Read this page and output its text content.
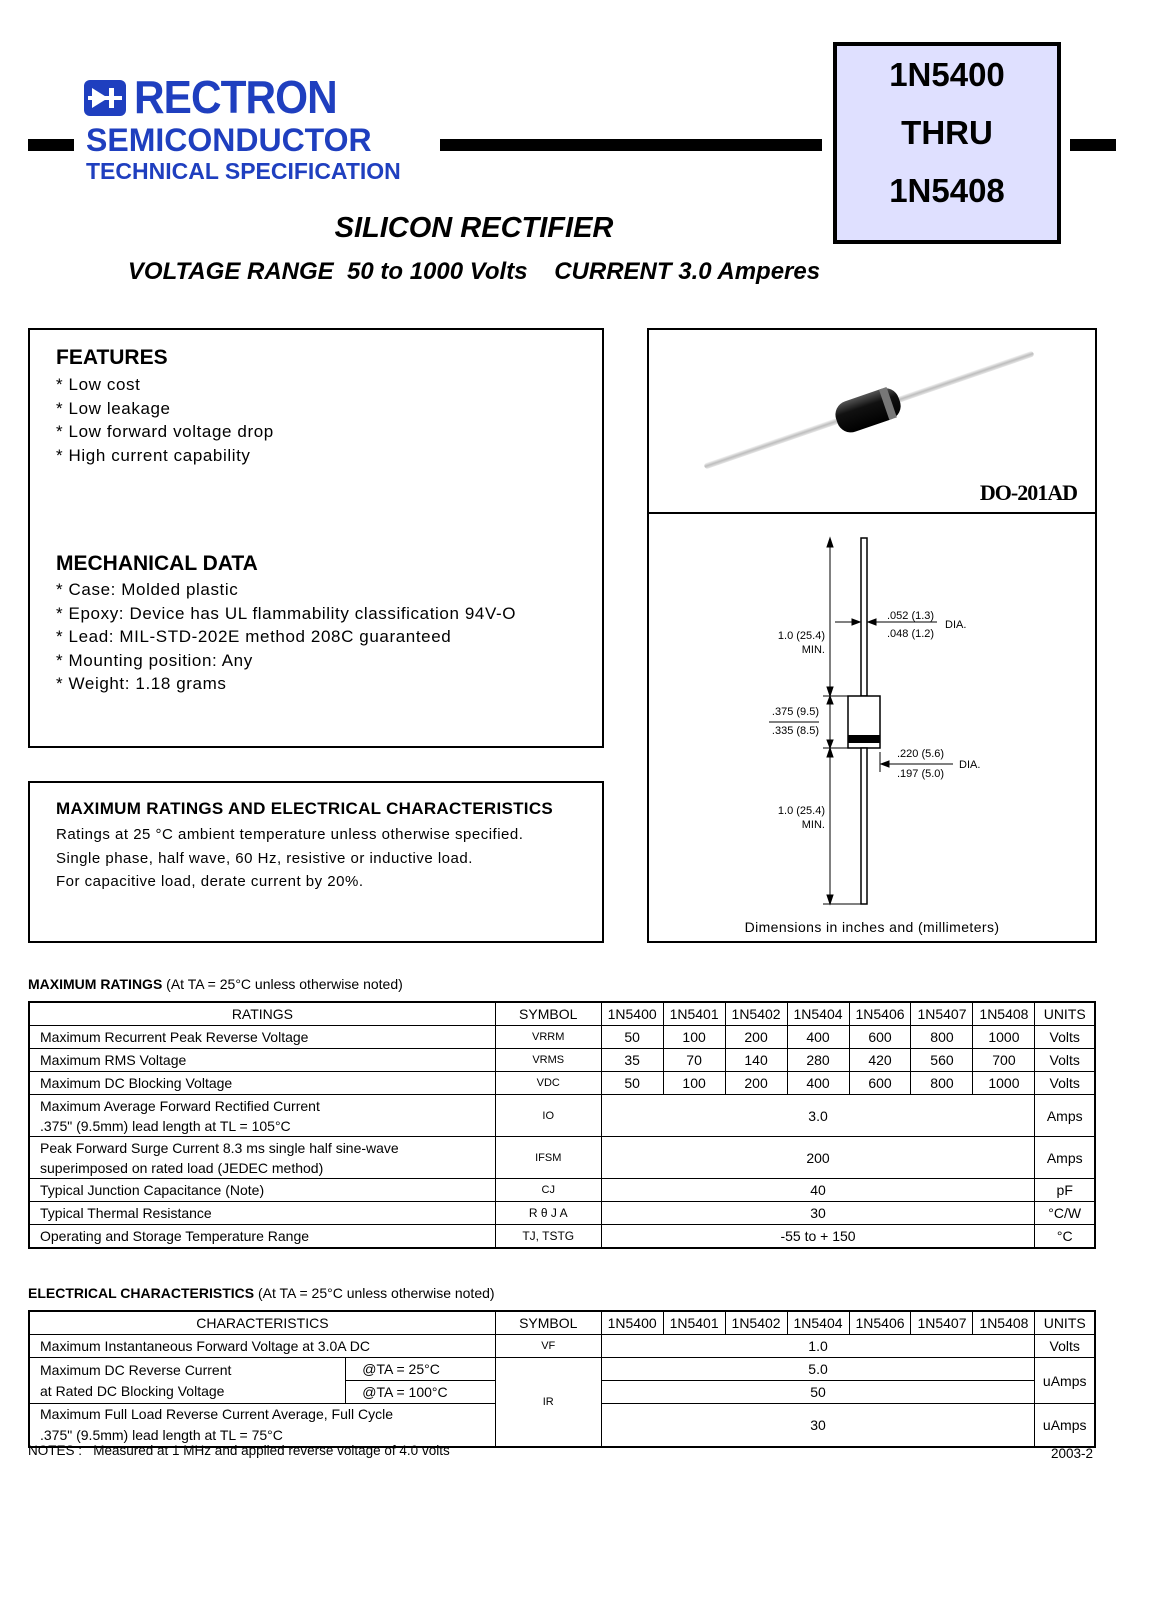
RECTRON
SEMICONDUCTOR
TECHNICAL SPECIFICATION
1N5400
THRU
1N5408
SILICON RECTIFIER
VOLTAGE RANGE  50 to 1000 Volts    CURRENT 3.0 Amperes
FEATURES
* Low cost
* Low leakage
* Low forward voltage drop
* High current capability
MECHANICAL DATA
* Case: Molded plastic
* Epoxy: Device has UL flammability classification 94V-O
* Lead: MIL-STD-202E method 208C guaranteed
* Mounting position: Any
* Weight: 1.18 grams
MAXIMUM RATINGS AND ELECTRICAL CHARACTERISTICS
Ratings at 25 °C ambient temperature unless otherwise specified.
Single phase, half wave, 60 Hz, resistive or inductive load.
For capacitive load, derate current by 20%.
DO-201AD
1.0 (25.4)
MIN.
.052 (1.3)
.048 (1.2)
DIA.
.375 (9.5)
.335 (8.5)
.220 (5.6)
.197 (5.0)
DIA.
1.0 (25.4)
MIN.
Dimensions in inches and (millimeters)
MAXIMUM RATINGS (At TA = 25°C unless otherwise noted)
RATINGS	SYMBOL	1N5400	1N5401	1N5402	1N5404	1N5406	1N5407	1N5408	UNITS
Maximum Recurrent Peak Reverse Voltage	VRRM	50	100	200	400	600	800	1000	Volts
Maximum RMS Voltage	VRMS	35	70	140	280	420	560	700	Volts
Maximum DC Blocking Voltage	VDC	50	100	200	400	600	800	1000	Volts
Maximum Average Forward Rectified Current
.375" (9.5mm) lead length at TL = 105°C	IO	3.0							Amps
Peak Forward Surge Current 8.3 ms single half sine-wave
superimposed on rated load (JEDEC method)	IFSM	200							Amps
Typical Junction Capacitance (Note)	CJ	40							pF
Typical Thermal Resistance	R θ J A	30							°C/W
Operating and Storage Temperature Range	TJ, TSTG	-55 to + 150							°C
ELECTRICAL CHARACTERISTICS (At TA = 25°C unless otherwise noted)
CHARACTERISTICS		SYMBOL	1N5400	1N5401	1N5402	1N5404	1N5406	1N5407	1N5408	UNITS
Maximum Instantaneous Forward Voltage at 3.0A DC		VF	1.0							Volts
Maximum DC Reverse Current
at Rated DC Blocking Voltage	@TA = 25°C	IR	5.0							uAmps
	@TA = 100°C		50							
Maximum Full Load Reverse Current Average, Full Cycle
.375" (9.5mm) lead length at TL = 75°C			30							uAmps
NOTES :   Measured at 1 MHz and applied reverse voltage of 4.0 volts	2003-2
